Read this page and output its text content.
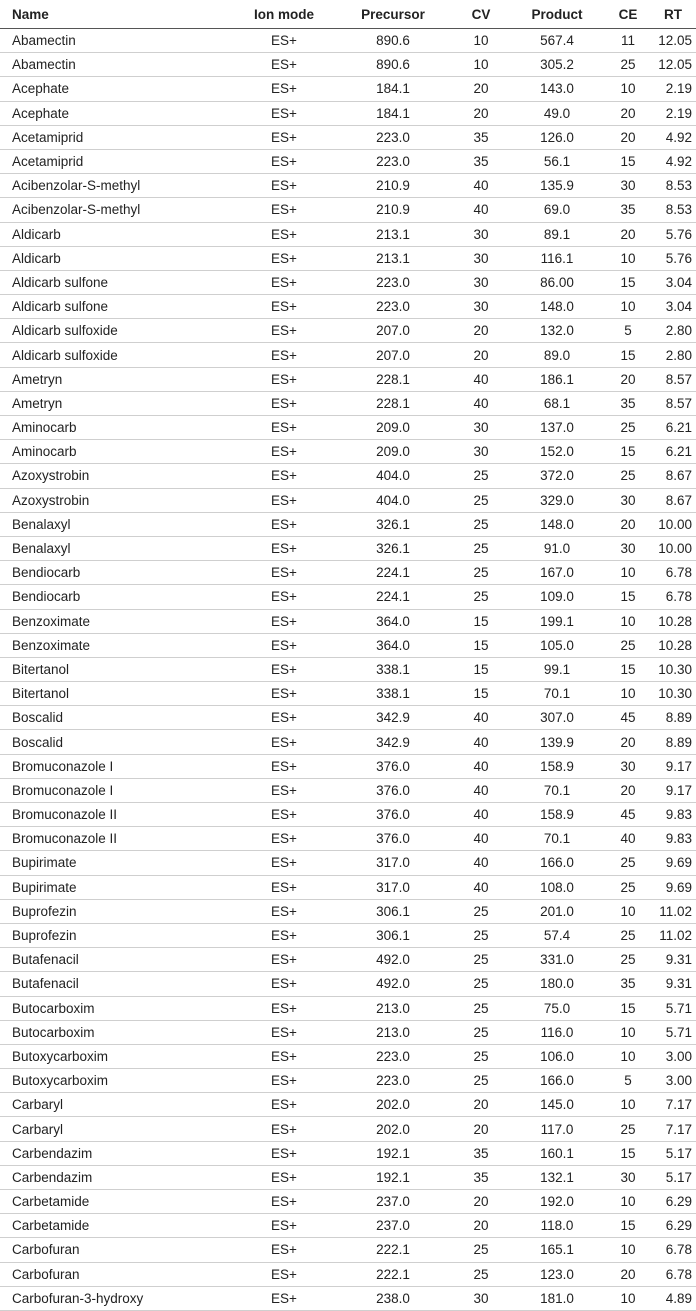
Name	Ion mode	Precursor	CV	Product	CE	RT
Abamectin	ES+	890.6	10	567.4	11	12.05
Abamectin	ES+	890.6	10	305.2	25	12.05
Acephate	ES+	184.1	20	143.0	10	2.19
Acephate	ES+	184.1	20	49.0	20	2.19
Acetamiprid	ES+	223.0	35	126.0	20	4.92
Acetamiprid	ES+	223.0	35	56.1	15	4.92
Acibenzolar-S-methyl	ES+	210.9	40	135.9	30	8.53
Acibenzolar-S-methyl	ES+	210.9	40	69.0	35	8.53
Aldicarb	ES+	213.1	30	89.1	20	5.76
Aldicarb	ES+	213.1	30	116.1	10	5.76
Aldicarb sulfone	ES+	223.0	30	86.00	15	3.04
Aldicarb sulfone	ES+	223.0	30	148.0	10	3.04
Aldicarb sulfoxide	ES+	207.0	20	132.0	5	2.80
Aldicarb sulfoxide	ES+	207.0	20	89.0	15	2.80
Ametryn	ES+	228.1	40	186.1	20	8.57
Ametryn	ES+	228.1	40	68.1	35	8.57
Aminocarb	ES+	209.0	30	137.0	25	6.21
Aminocarb	ES+	209.0	30	152.0	15	6.21
Azoxystrobin	ES+	404.0	25	372.0	25	8.67
Azoxystrobin	ES+	404.0	25	329.0	30	8.67
Benalaxyl	ES+	326.1	25	148.0	20	10.00
Benalaxyl	ES+	326.1	25	91.0	30	10.00
Bendiocarb	ES+	224.1	25	167.0	10	6.78
Bendiocarb	ES+	224.1	25	109.0	15	6.78
Benzoximate	ES+	364.0	15	199.1	10	10.28
Benzoximate	ES+	364.0	15	105.0	25	10.28
Bitertanol	ES+	338.1	15	99.1	15	10.30
Bitertanol	ES+	338.1	15	70.1	10	10.30
Boscalid	ES+	342.9	40	307.0	45	8.89
Boscalid	ES+	342.9	40	139.9	20	8.89
Bromuconazole I	ES+	376.0	40	158.9	30	9.17
Bromuconazole I	ES+	376.0	40	70.1	20	9.17
Bromuconazole II	ES+	376.0	40	158.9	45	9.83
Bromuconazole II	ES+	376.0	40	70.1	40	9.83
Bupirimate	ES+	317.0	40	166.0	25	9.69
Bupirimate	ES+	317.0	40	108.0	25	9.69
Buprofezin	ES+	306.1	25	201.0	10	11.02
Buprofezin	ES+	306.1	25	57.4	25	11.02
Butafenacil	ES+	492.0	25	331.0	25	9.31
Butafenacil	ES+	492.0	25	180.0	35	9.31
Butocarboxim	ES+	213.0	25	75.0	15	5.71
Butocarboxim	ES+	213.0	25	116.0	10	5.71
Butoxycarboxim	ES+	223.0	25	106.0	10	3.00
Butoxycarboxim	ES+	223.0	25	166.0	5	3.00
Carbaryl	ES+	202.0	20	145.0	10	7.17
Carbaryl	ES+	202.0	20	117.0	25	7.17
Carbendazim	ES+	192.1	35	160.1	15	5.17
Carbendazim	ES+	192.1	35	132.1	30	5.17
Carbetamide	ES+	237.0	20	192.0	10	6.29
Carbetamide	ES+	237.0	20	118.0	15	6.29
Carbofuran	ES+	222.1	25	165.1	10	6.78
Carbofuran	ES+	222.1	25	123.0	20	6.78
Carbofuran-3-hydroxy	ES+	238.0	30	181.0	10	4.89
